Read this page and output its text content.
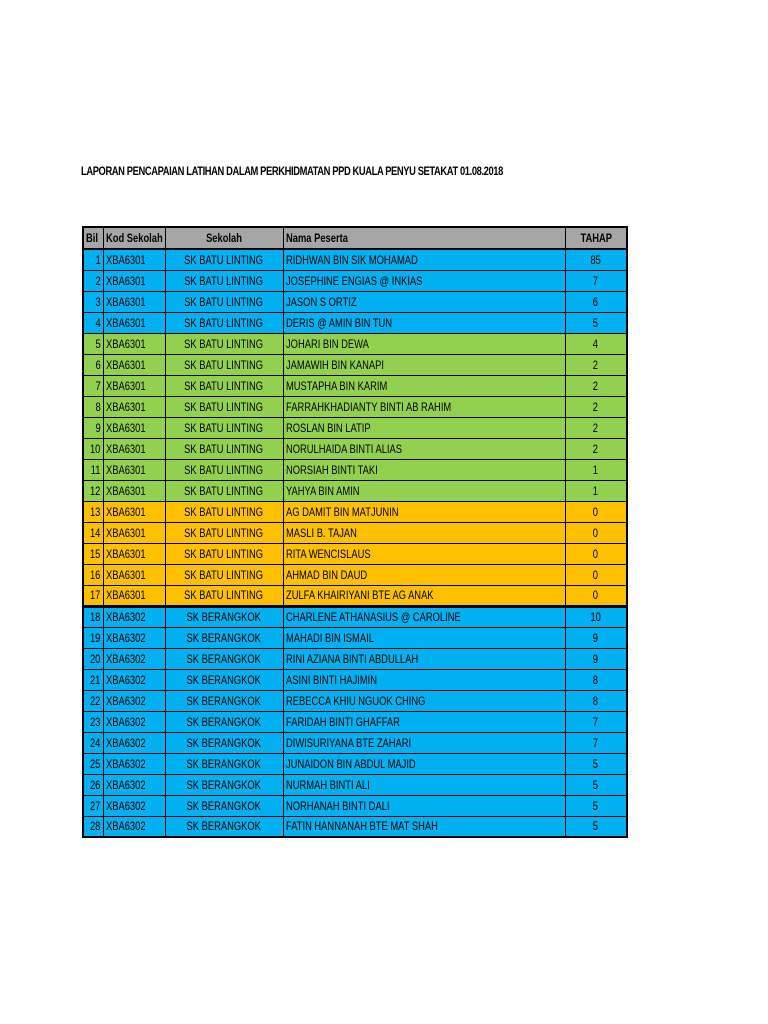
LAPORAN PENCAPAIAN LATIHAN DALAM PERKHIDMATAN PPD KUALA PENYU SETAKAT 01.08.2018
Bil	Kod Sekolah	Sekolah	Nama Peserta	TAHAP
1	XBA6301	SK BATU LINTING	RIDHWAN BIN SIK MOHAMAD	85
2	XBA6301	SK BATU LINTING	JOSEPHINE ENGIAS @ INKIAS	7
3	XBA6301	SK BATU LINTING	JASON S ORTIZ	6
4	XBA6301	SK BATU LINTING	DERIS @ AMIN BIN TUN	5
5	XBA6301	SK BATU LINTING	JOHARI BIN DEWA	4
6	XBA6301	SK BATU LINTING	JAMAWIH BIN KANAPI	2
7	XBA6301	SK BATU LINTING	MUSTAPHA BIN KARIM	2
8	XBA6301	SK BATU LINTING	FARRAHKHADIANTY BINTI AB RAHIM	2
9	XBA6301	SK BATU LINTING	ROSLAN BIN LATIP	2
10	XBA6301	SK BATU LINTING	NORULHAIDA BINTI ALIAS	2
11	XBA6301	SK BATU LINTING	NORSIAH BINTI TAKI	1
12	XBA6301	SK BATU LINTING	YAHYA BIN AMIN	1
13	XBA6301	SK BATU LINTING	AG DAMIT BIN MATJUNIN	0
14	XBA6301	SK BATU LINTING	MASLI B. TAJAN	0
15	XBA6301	SK BATU LINTING	RITA WENCISLAUS	0
16	XBA6301	SK BATU LINTING	AHMAD BIN DAUD	0
17	XBA6301	SK BATU LINTING	ZULFA KHAIRIYANI BTE AG ANAK	0
18	XBA6302	SK BERANGKOK	CHARLENE ATHANASIUS @ CAROLINE	10
19	XBA6302	SK BERANGKOK	MAHADI BIN ISMAIL	9
20	XBA6302	SK BERANGKOK	RINI AZIANA BINTI ABDULLAH	9
21	XBA6302	SK BERANGKOK	ASINI BINTI HAJIMIN	8
22	XBA6302	SK BERANGKOK	REBECCA KHIU NGUOK CHING	8
23	XBA6302	SK BERANGKOK	FARIDAH BINTI GHAFFAR	7
24	XBA6302	SK BERANGKOK	DIWISURIYANA BTE ZAHARI	7
25	XBA6302	SK BERANGKOK	JUNAIDON BIN ABDUL MAJID	5
26	XBA6302	SK BERANGKOK	NURMAH BINTI ALI	5
27	XBA6302	SK BERANGKOK	NORHANAH BINTI DALI	5
28	XBA6302	SK BERANGKOK	FATIN HANNANAH BTE MAT SHAH	5
